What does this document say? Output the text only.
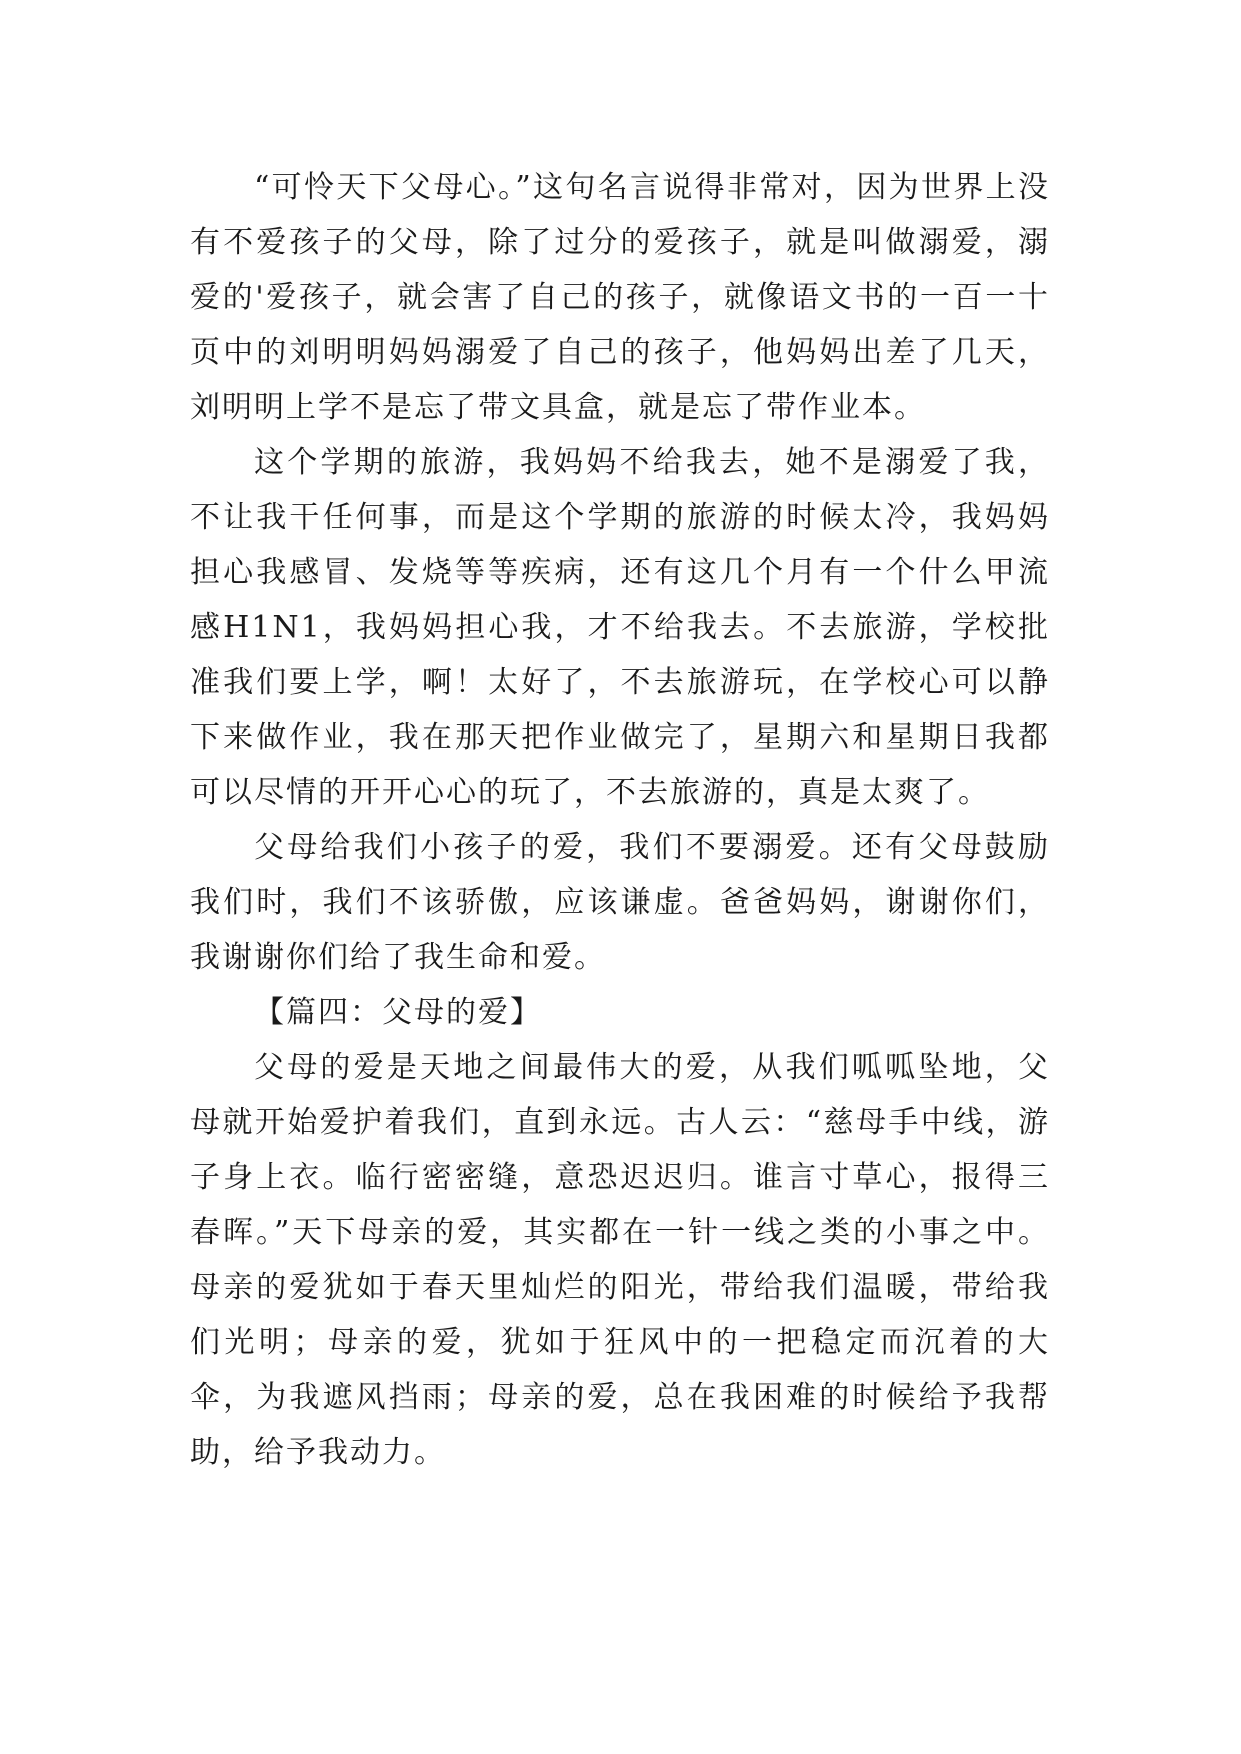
“可怜天下父母心。”这句名言说得非常对，因为世界上没有不爱孩子的父母，除了过分的爱孩子，就是叫做溺爱，溺爱的'爱孩子，就会害了自己的孩子，就像语文书的一百一十页中的刘明明妈妈溺爱了自己的孩子，他妈妈出差了几天，刘明明上学不是忘了带文具盒，就是忘了带作业本。

这个学期的旅游，我妈妈不给我去，她不是溺爱了我，不让我干任何事，而是这个学期的旅游的时候太冷，我妈妈担心我感冒、发烧等等疾病，还有这几个月有一个什么甲流感H1N1，我妈妈担心我，才不给我去。不去旅游，学校批准我们要上学，啊！太好了，不去旅游玩，在学校心可以静下来做作业，我在那天把作业做完了，星期六和星期日我都可以尽情的开开心心的玩了，不去旅游的，真是太爽了。

父母给我们小孩子的爱，我们不要溺爱。还有父母鼓励我们时，我们不该骄傲，应该谦虚。爸爸妈妈，谢谢你们，我谢谢你们给了我生命和爱。

【篇四：父母的爱】

父母的爱是天地之间最伟大的爱，从我们呱呱坠地，父母就开始爱护着我们，直到永远。古人云：“慈母手中线，游子身上衣。临行密密缝，意恐迟迟归。谁言寸草心，报得三春晖。”天下母亲的爱，其实都在一针一线之类的小事之中。母亲的爱犹如于春天里灿烂的阳光，带给我们温暖，带给我们光明；母亲的爱，犹如于狂风中的一把稳定而沉着的大伞，为我遮风挡雨；母亲的爱，总在我困难的时候给予我帮助，给予我动力。
